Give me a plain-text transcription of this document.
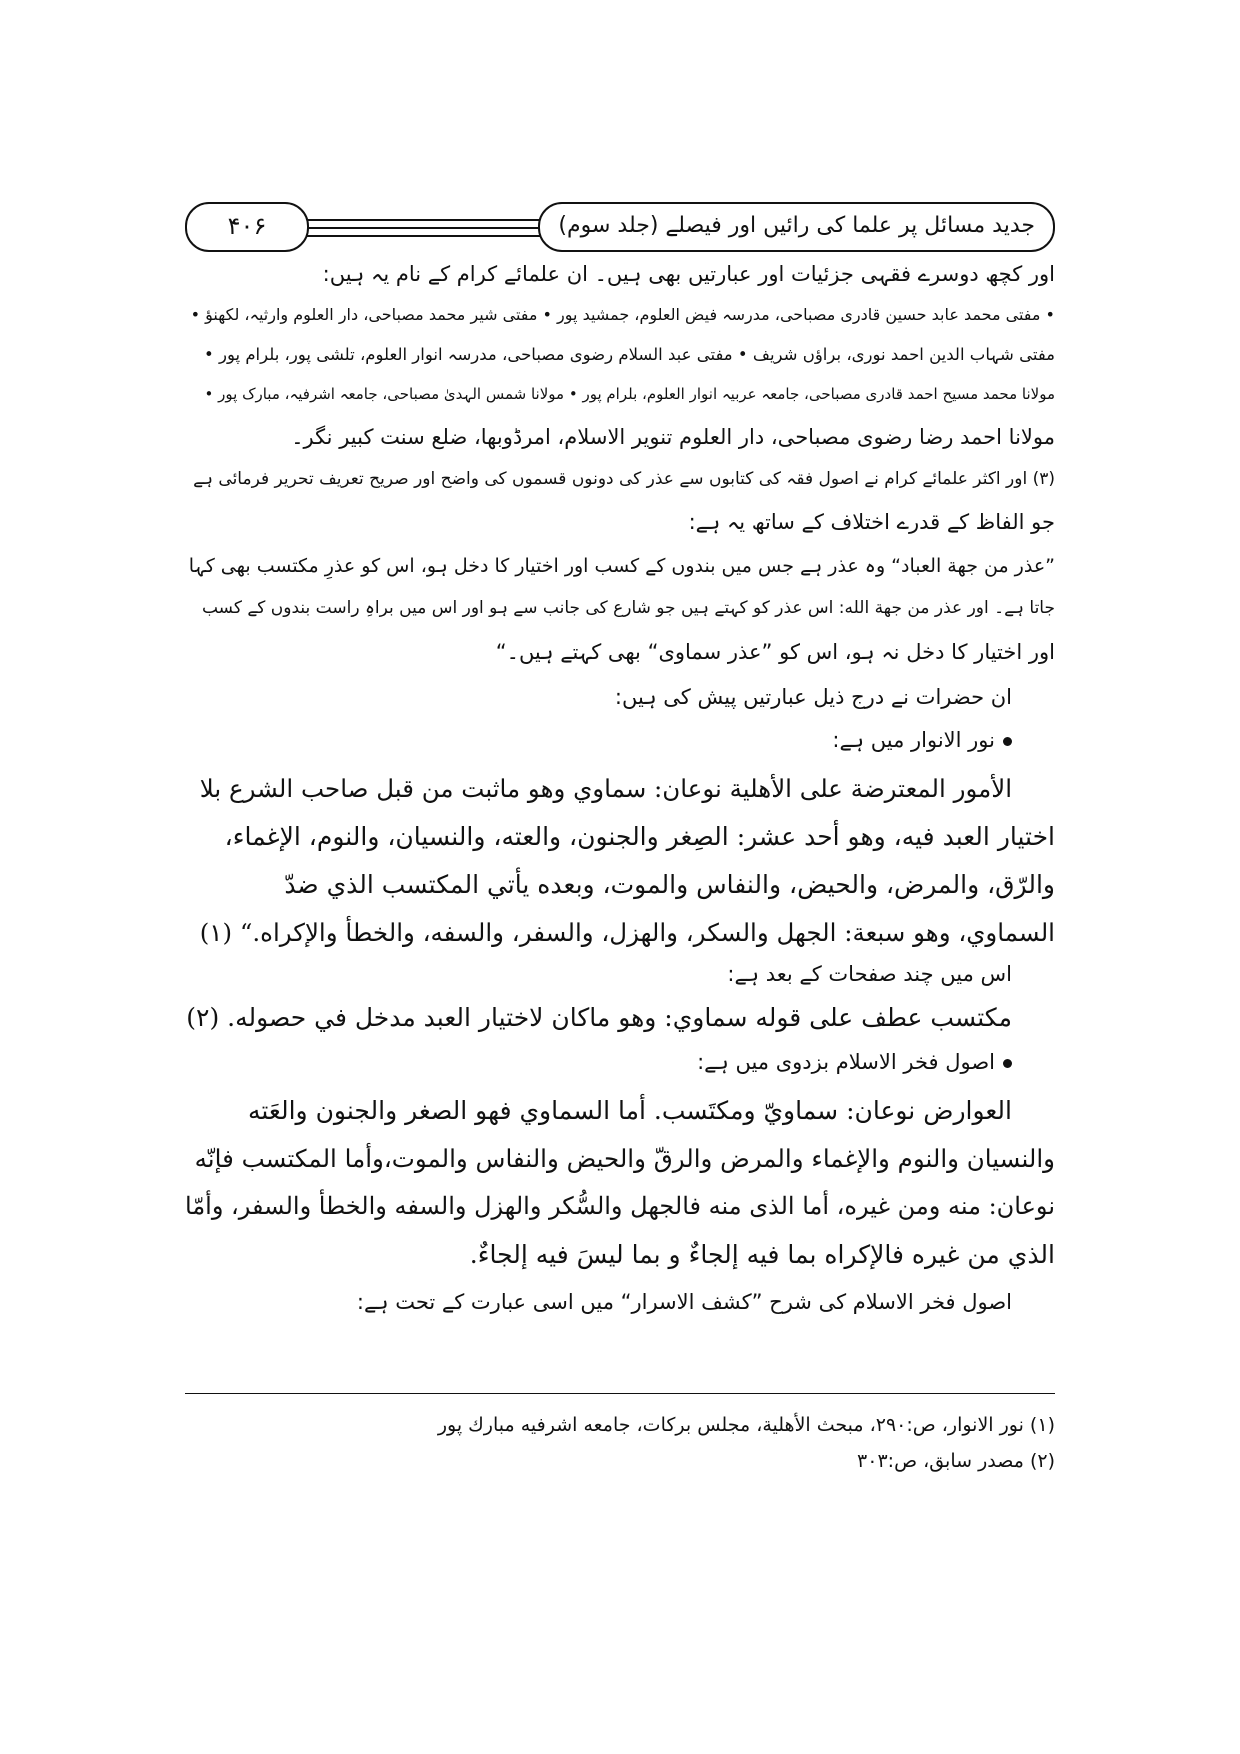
جدید مسائل پر علما کی رائیں اور فیصلے (جلد سوم)
۴۰۶
اور کچھ دوسرے فقہی جزئیات اور عبارتیں بھی ہیں۔ ان علمائے کرام کے نام یہ ہیں:
• مفتی محمد عابد حسین قادری مصباحی، مدرسہ فیض العلوم، جمشید پور • مفتی شیر محمد مصباحی، دار العلوم وارثیہ، لکھنؤ •
مفتی شہاب الدین احمد نوری، براؤں شریف • مفتی عبد السلام رضوی مصباحی، مدرسہ انوار العلوم، تلشی پور، بلرام پور •
مولانا محمد مسیح احمد قادری مصباحی، جامعہ عربیہ انوار العلوم، بلرام پور • مولانا شمس الہدیٰ مصباحی، جامعہ اشرفیہ، مبارک پور •
مولانا احمد رضا رضوی مصباحی، دار العلوم تنویر الاسلام، امرڈوبھا، ضلع سنت کبیر نگر۔
(۳) اور اکثر علمائے کرام نے اصول فقہ کی کتابوں سے عذر کی دونوں قسموں کی واضح اور صریح تعریف تحریر فرمائی ہے
جو الفاظ کے قدرے اختلاف کے ساتھ یہ ہے:
”عذر من جهة العباد“ وہ عذر ہے جس میں بندوں کے کسب اور اختیار کا دخل ہو، اس کو عذرِ مکتسب بھی کہا
جاتا ہے۔ اور عذر من جهة الله: اس عذر کو کہتے ہیں جو شارع کی جانب سے ہو اور اس میں براہِ راست بندوں کے کسب
اور اختیار کا دخل نہ ہو، اس کو ”عذر سماوی“ بھی کہتے ہیں۔“
ان حضرات نے درج ذیل عبارتیں پیش کی ہیں:
نور الانوار میں ہے:
الأمور المعترضة على الأهلية نوعان: سماوي وهو ماثبت من قبل صاحب الشرع بلا
اختيار العبد فيه، وهو أحد عشر: الصِغر والجنون، والعته، والنسيان، والنوم، الإغماء،
والرّق، والمرض، والحيض، والنفاس والموت، وبعده يأتي المكتسب الذي ضدّ
السماوي، وهو سبعة: الجهل والسكر، والهزل، والسفر، والسفه، والخطأ والإكراه.“ (۱)
اس میں چند صفحات کے بعد ہے:
مكتسب عطف على قوله سماوي: وهو ماكان لاختيار العبد مدخل في حصوله. (۲)
اصول فخر الاسلام بزدوی میں ہے:
العوارض نوعان: سماويّ ومكتَسب. أما السماوي فهو الصغر والجنون والعَته
والنسيان والنوم والإغماء والمرض والرقّ والحيض والنفاس والموت،وأما المكتسب فإنّه
نوعان: منه ومن غيره، أما الذى منه فالجهل والسُّكر والهزل والسفه والخطأ والسفر، وأمّا
الذي من غيره فالإكراه بما فيه إلجاءٌ و بما ليسَ فيه إلجاءٌ.
اصول فخر الاسلام کی شرح ”کشف الاسرار“ میں اسی عبارت کے تحت ہے:
(۱) نور الانوار، ص:۲۹۰، مبحث الأهلية، مجلس بركات، جامعه اشرفيه مبارك پور
(۲) مصدر سابق، ص:۳۰۳
